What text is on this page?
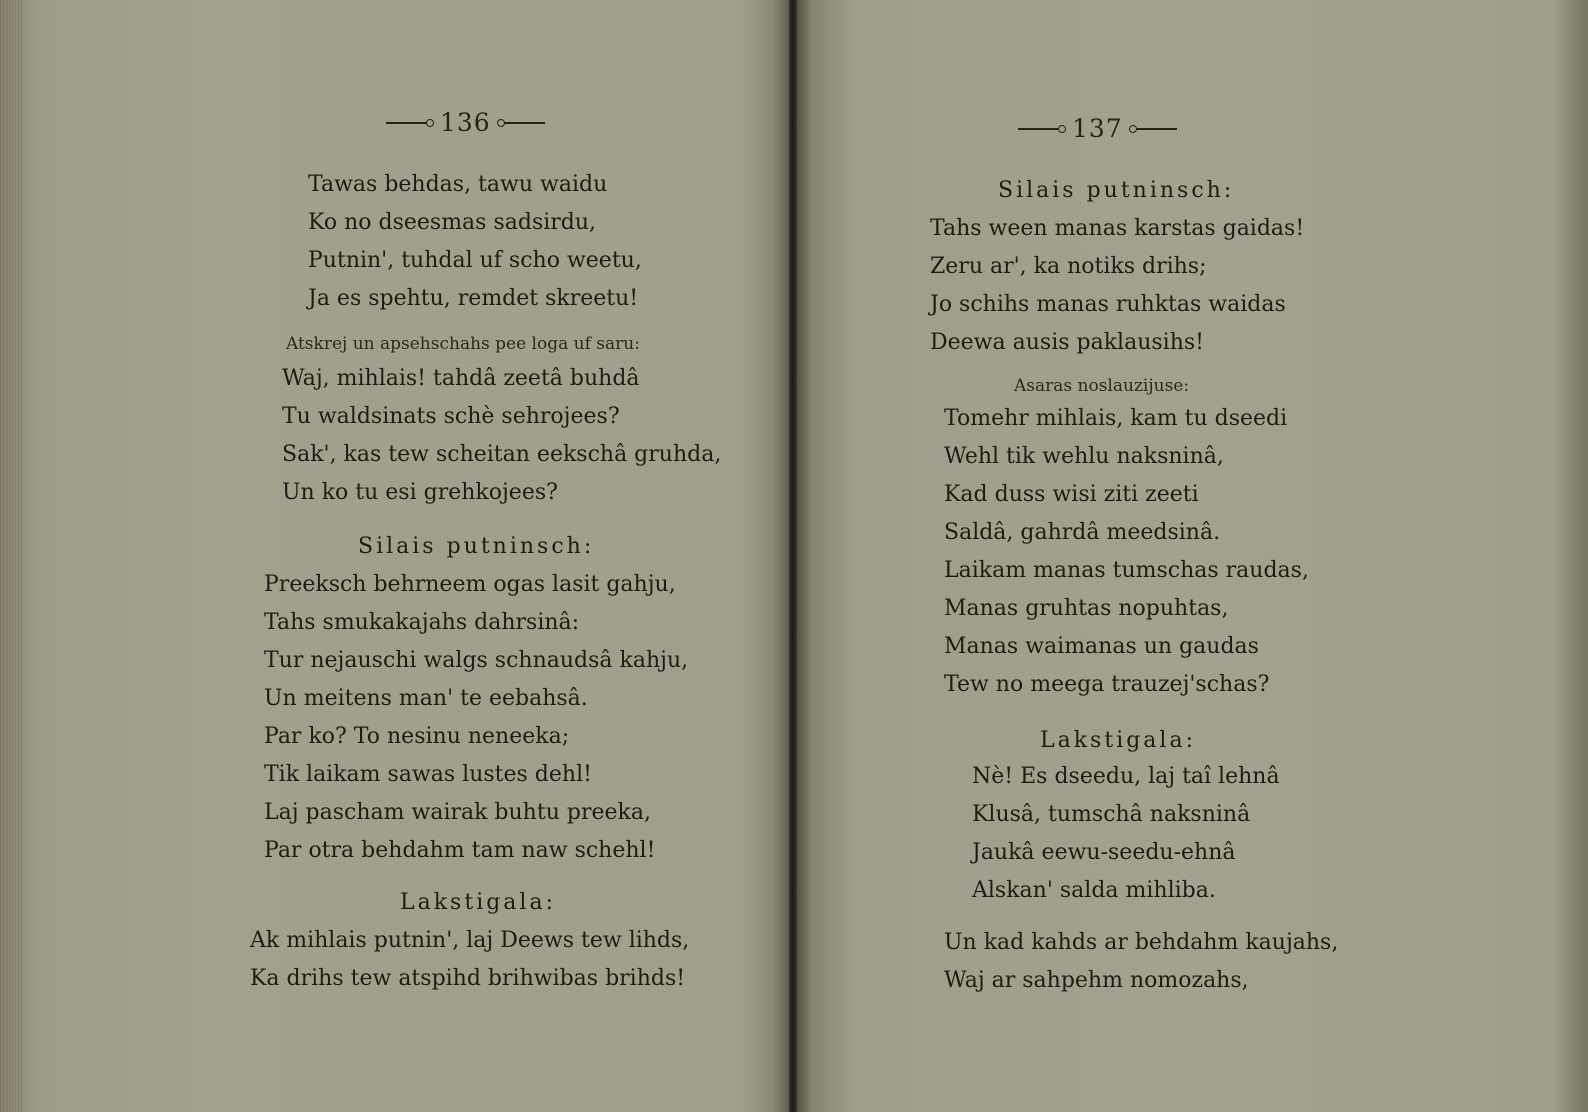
136
Tawas behdas, tawu waidu
Ko no dseesmas sadsirdu,
Putnin', tuhdal uf scho weetu,
Ja es spehtu, remdet skreetu!
Atskrej un apsehschahs pee loga uf saru:
Waj, mihlais! tahdâ zeetâ buhdâ
Tu waldsinats schè sehrojees?
Sak', kas tew scheitan eekschâ gruhda,
Un ko tu esi grehkojees?
Silais putninsch:
Preeksch behrneem ogas lasit gahju,
Tahs smukakajahs dahrsinâ:
Tur nejauschi walgs schnaudsâ kahju,
Un meitens man' te eebahsâ.
Par ko? To nesinu neneeka;
Tik laikam sawas lustes dehl!
Laj pascham wairak buhtu preeka,
Par otra behdahm tam naw schehl!
Lakstigala:
Ak mihlais putnin', laj Deews tew lihds,
Ka drihs tew atspihd brihwibas brihds!
137
Silais putninsch:
Tahs ween manas karstas gaidas!
Zeru ar', ka notiks drihs;
Jo schihs manas ruhktas waidas
Deewa ausis paklausihs!
Asaras noslauzijuse:
Tomehr mihlais, kam tu dseedi
Wehl tik wehlu naksninâ,
Kad duss wisi ziti zeeti
Saldâ, gahrdâ meedsinâ.
Laikam manas tumschas raudas,
Manas gruhtas nopuhtas,
Manas waimanas un gaudas
Tew no meega trauzej'schas?
Lakstigala:
Nè! Es dseedu, laj taî lehnâ
Klusâ, tumschâ naksninâ
Jaukâ eewu-seedu-ehnâ
Alskan' salda mihliba.
Un kad kahds ar behdahm kaujahs,
Waj ar sahpehm nomozahs,
